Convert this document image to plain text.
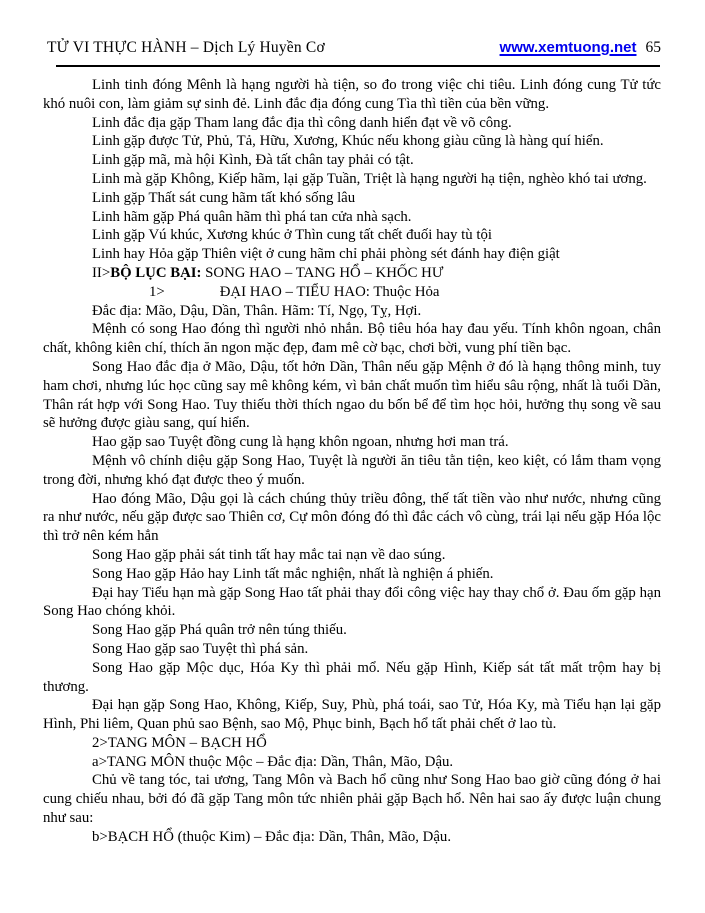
TỬ VI THỰC HÀNH – Dịch Lý Huyền Cơ	www.xemtuong.net 65

Linh tinh đóng Mênh là hạng người hà tiện, so đo trong việc chi tiêu. Linh đóng cung Tử tức khó nuôi con, làm giảm sự sinh đẻ. Linh đắc địa đóng cung Tìa thì tiền của bền vững.

Linh đắc địa gặp Tham lang đắc địa thì công danh hiển đạt về võ công.

Linh gặp được Tử, Phủ, Tả, Hữu, Xương, Khúc nếu khong giàu cũng là hàng quí hiển.

Linh gặp mã, mà hội Kình, Đà tất chân tay phải có tật.

Linh mà gặp Không, Kiếp hãm, lại gặp Tuần, Triệt là hạng người hạ tiện, nghèo khó tai ương.

Linh gặp Thất sát cung hãm tất khó sống lâu

Linh hãm gặp Phá quân hãm thì phá tan cửa nhà sạch.

Linh gặp Vú khúc, Xương khúc ở Thìn cung tất chết đuối hay tù tội

Linh hay Hỏa gặp Thiên việt ở cung hãm chỉ phải phòng sét đánh hay điện giật

II>BỘ LỤC BẠI: SONG HAO – TANG HỔ – KHỐC HƯ

1>	ĐẠI HAO – TIỂU HAO: Thuộc Hỏa

Đắc địa: Mão, Dậu, Dần, Thân. Hãm: Tí, Ngọ, Tỵ, Hợi.

Mệnh có song Hao đóng thì người nhỏ nhắn. Bộ tiêu hóa hay đau yếu. Tính khôn ngoan, chân chất, không kiên chí, thích ăn ngon mặc đẹp, đam mê cờ bạc, chơi bời, vung phí tiền bạc.

Song Hao đắc địa ở Mão, Dậu, tốt hởn Dần, Thân nếu gặp Mệnh ở đó là hạng thông minh, tuy ham chơi, nhưng lúc học cũng say mê không kém, vì bản chất muốn tìm hiểu sâu rộng, nhất là tuổi Dần, Thân rát hợp với Song Hao. Tuy thiếu thời thích ngao du bốn bể để tìm học hỏi, hưởng thụ song về sau sẽ hưởng được giàu sang, quí hiển.

Hao gặp sao Tuyệt đồng cung là hạng khôn ngoan, nhưng hơi man trá.

Mệnh vô chính diệu gặp Song Hao, Tuyệt là người ăn tiêu tằn tiện, keo kiệt, có lắm tham vọng trong đời, nhưng khó đạt được theo ý muốn.

Hao đóng Mão, Dậu gọi là cách chúng thủy triều đông, thế tất tiền vào như nước, nhưng cũng ra như nước, nếu gặp được sao Thiên cơ, Cự môn đóng đó thì đắc cách vô cùng, trái lại nếu gặp Hóa lộc thì trở nên kém hẳn

Song Hao gặp phải sát tinh tất hay mắc tai nạn về dao súng.

Song Hao gặp Hảo hay Linh tất mắc nghiện, nhất là nghiện á phiến.

Đại hay Tiểu hạn mà gặp Song Hao tất phải thay đổi công việc hay thay chổ ở. Đau ốm gặp hạn Song Hao chóng khỏi.

Song Hao gặp Phá quân trở nên túng thiếu.

Song Hao gặp sao Tuyệt thì phá sản.

Song Hao gặp Mộc dục, Hóa Ky thì phải mổ. Nếu gặp Hình, Kiếp sát tất mất trộm hay bị thương.

Đại hạn gặp Song Hao, Không, Kiếp, Suy, Phù, phá toái, sao Tử, Hóa Ky, mà Tiểu hạn lại gặp Hình, Phi liêm, Quan phủ sao Bệnh, sao Mộ, Phục binh, Bạch hổ tất phải chết ở lao tù.

2>TANG MÔN – BẠCH HỔ

a>TANG MÔN thuộc Mộc – Đắc địa: Dần, Thân, Mão, Dậu.

Chủ về tang tóc, tai ương, Tang Môn và Bach hổ cũng như Song Hao bao giờ cũng đóng ở hai cung chiếu nhau, bởi đó đã gặp Tang môn tức nhiên phải gặp Bạch hổ. Nên hai sao ấy được luận chung như sau:

b>BẠCH HỔ (thuộc Kim) – Đắc địa: Dần, Thân, Mão, Dậu.
